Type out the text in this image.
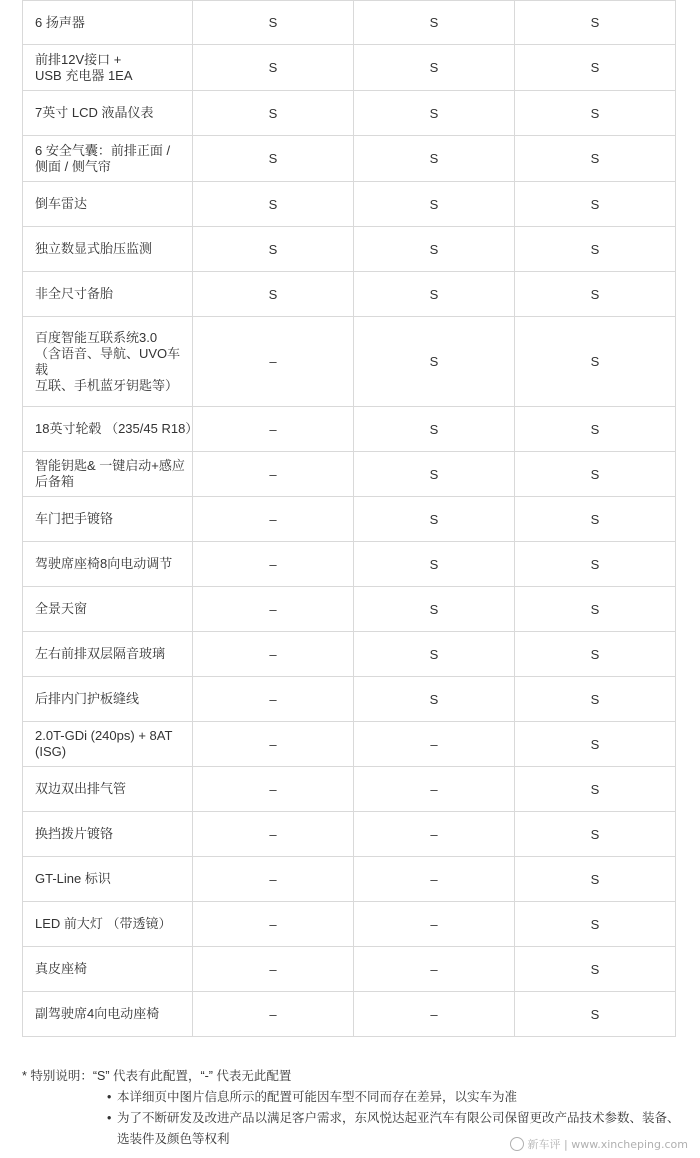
6 扬声器	S	S	S
前排12V接口 +
USB 充电器 1EA	S	S	S
7英寸 LCD 液晶仪表	S	S	S
6 安全气囊：前排正面 /
侧面 / 侧气帘	S	S	S
倒车雷达	S	S	S
独立数显式胎压监测	S	S	S
非全尺寸备胎	S	S	S
百度智能互联系统3.0
（含语音、导航、UVO车载
互联、手机蓝牙钥匙等）	–	S	S
18英寸轮毂 （235/45 R18）	–	S	S
智能钥匙& 一键启动+感应后备箱	–	S	S
车门把手镀铬	–	S	S
驾驶席座椅8向电动调节	–	S	S
全景天窗	–	S	S
左右前排双层隔音玻璃	–	S	S
后排内门护板缝线	–	S	S
2.0T-GDi (240ps) + 8AT (ISG)	–	–	S
双边双出排气管	–	–	S
换挡拨片镀铬	–	–	S
GT-Line 标识	–	–	S
LED 前大灯 （带透镜）	–	–	S
真皮座椅	–	–	S
副驾驶席4向电动座椅	–	–	S
* 特别说明：“S” 代表有此配置，“-” 代表无此配置
• 本详细页中图片信息所示的配置可能因车型不同而存在差异，以实车为准
• 为了不断研发及改进产品以满足客户需求，东风悦达起亚汽车有限公司保留更改产品技术参数、装备、选装件及颜色等权利	新车评 | www.xincheping.com
